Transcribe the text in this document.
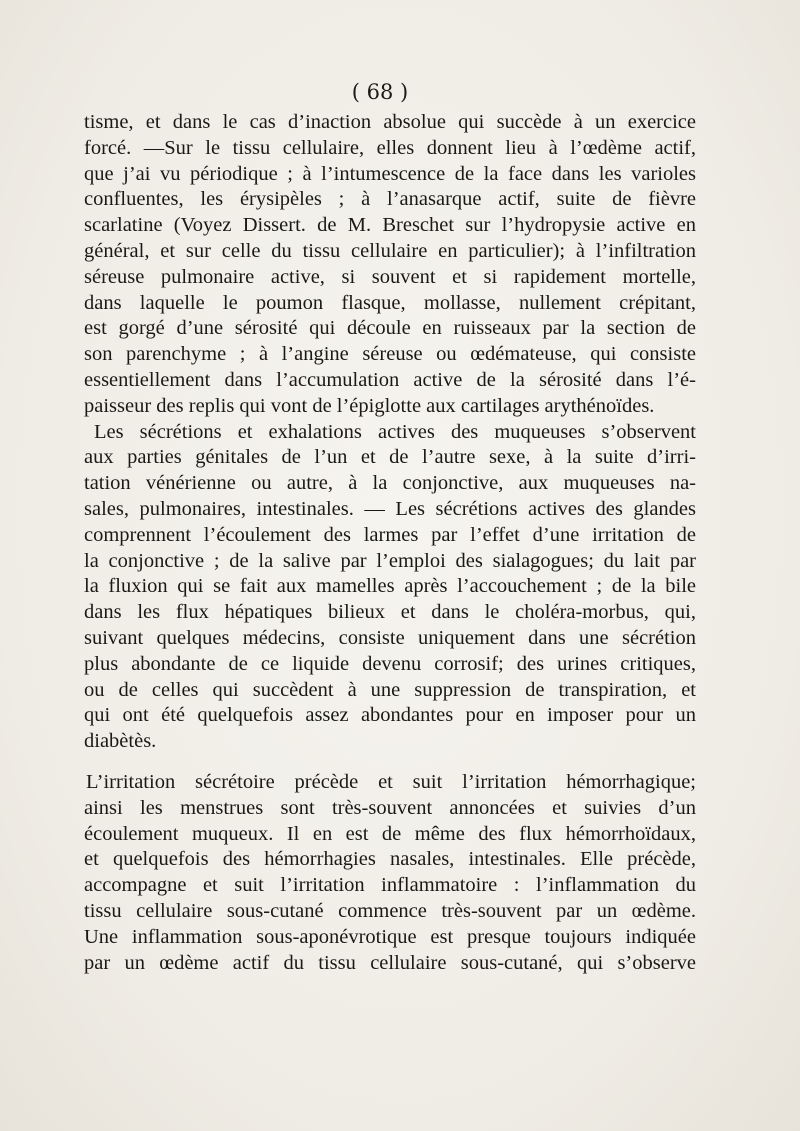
( 68 )
tisme, et dans le cas d’inaction absolue qui succède à un exercice
forcé. —Sur le tissu cellulaire, elles donnent lieu à l’œdème actif,
que j’ai vu périodique ; à l’intumescence de la face dans les varioles
confluentes, les érysipèles ; à l’anasarque actif, suite de fièvre
scarlatine (Voyez Dissert. de M. Breschet sur l’hydropysie active en
général, et sur celle du tissu cellulaire en particulier); à l’infiltration
séreuse pulmonaire active, si souvent et si rapidement mortelle,
dans laquelle le poumon flasque, mollasse, nullement crépitant,
est gorgé d’une sérosité qui découle en ruisseaux par la section de
son parenchyme ; à l’angine séreuse ou œdémateuse, qui consiste
essentiellement dans l’accumulation active de la sérosité dans l’é-
paisseur des replis qui vont de l’épiglotte aux cartilages arythénoïdes.
Les sécrétions et exhalations actives des muqueuses s’observent
aux parties génitales de l’un et de l’autre sexe, à la suite d’irri-
tation vénérienne ou autre, à la conjonctive, aux muqueuses na-
sales, pulmonaires, intestinales. — Les sécrétions actives des glandes
comprennent l’écoulement des larmes par l’effet d’une irritation de
la conjonctive ; de la salive par l’emploi des sialagogues; du lait par
la fluxion qui se fait aux mamelles après l’accouchement ; de la bile
dans les flux hépatiques bilieux et dans le choléra-morbus, qui,
suivant quelques médecins, consiste uniquement dans une sécrétion
plus abondante de ce liquide devenu corrosif; des urines critiques,
ou de celles qui succèdent à une suppression de transpiration, et
qui ont été quelquefois assez abondantes pour en imposer pour un
diabètès.
L’irritation sécrétoire précède et suit l’irritation hémorrhagique;
ainsi les menstrues sont très-souvent annoncées et suivies d’un
écoulement muqueux. Il en est de même des flux hémorrhoïdaux,
et quelquefois des hémorrhagies nasales, intestinales. Elle précède,
accompagne et suit l’irritation inflammatoire : l’inflammation du
tissu cellulaire sous-cutané commence très-souvent par un œdème.
Une inflammation sous-aponévrotique est presque toujours indiquée
par un œdème actif du tissu cellulaire sous-cutané, qui s’observe
